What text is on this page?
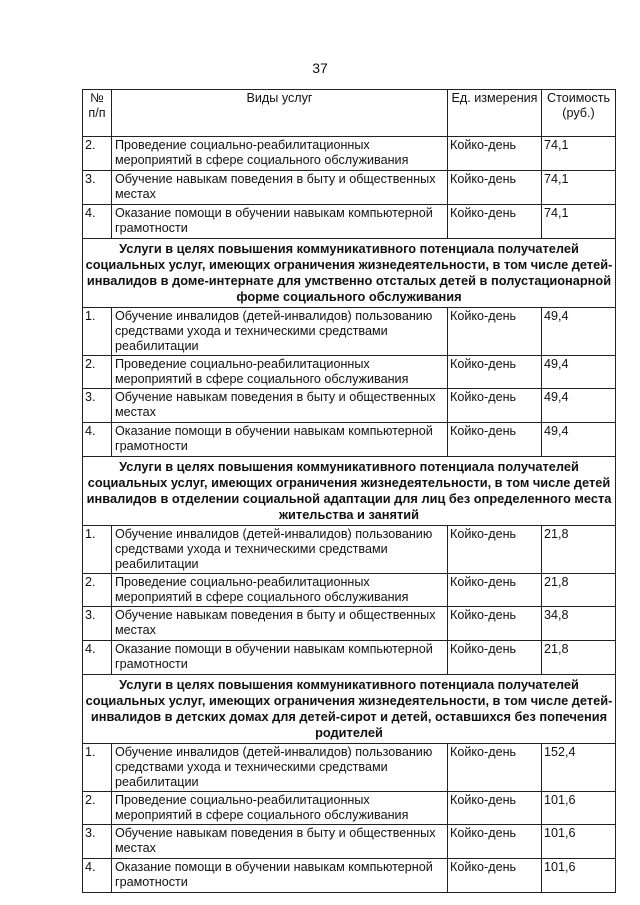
37
№ п/п	Виды услуг	Ед. измерения	Стоимость (руб.)
2.	Проведение социально-реабилитационных мероприятий в сфере социального обслуживания	Койко-день	74,1
3.	Обучение навыкам поведения в быту и общественных местах	Койко-день	74,1
4.	Оказание помощи в обучении навыкам компьютерной грамотности	Койко-день	74,1
Услуги в целях повышения коммуникативного потенциала получателей социальных услуг, имеющих ограничения жизнедеятельности, в том числе детей-инвалидов в доме-интернате для умственно отсталых детей в полустационарной форме социального обслуживания			
1.	Обучение инвалидов (детей-инвалидов) пользованию средствами ухода и техническими средствами реабилитации	Койко-день	49,4
2.	Проведение социально-реабилитационных мероприятий в сфере социального обслуживания	Койко-день	49,4
3.	Обучение навыкам поведения в быту и общественных местах	Койко-день	49,4
4.	Оказание помощи в обучении навыкам компьютерной грамотности	Койко-день	49,4
Услуги в целях повышения коммуникативного потенциала получателей социальных услуг, имеющих ограничения жизнедеятельности, в том числе детей инвалидов в отделении социальной адаптации для лиц без определенного места жительства и занятий			
1.	Обучение инвалидов (детей-инвалидов) пользованию средствами ухода и техническими средствами реабилитации	Койко-день	21,8
2.	Проведение социально-реабилитационных мероприятий в сфере социального обслуживания	Койко-день	21,8
3.	Обучение навыкам поведения в быту и общественных местах	Койко-день	34,8
4.	Оказание помощи в обучении навыкам компьютерной грамотности	Койко-день	21,8
Услуги в целях повышения коммуникативного потенциала получателей социальных услуг, имеющих ограничения жизнедеятельности, в том числе детей-инвалидов в детских домах для детей-сирот и детей, оставшихся без попечения родителей			
1.	Обучение инвалидов (детей-инвалидов) пользованию средствами ухода и техническими средствами реабилитации	Койко-день	152,4
2.	Проведение социально-реабилитационных мероприятий в сфере социального обслуживания	Койко-день	101,6
3.	Обучение навыкам поведения в быту и общественных местах	Койко-день	101,6
4.	Оказание помощи в обучении навыкам компьютерной грамотности	Койко-день	101,6
